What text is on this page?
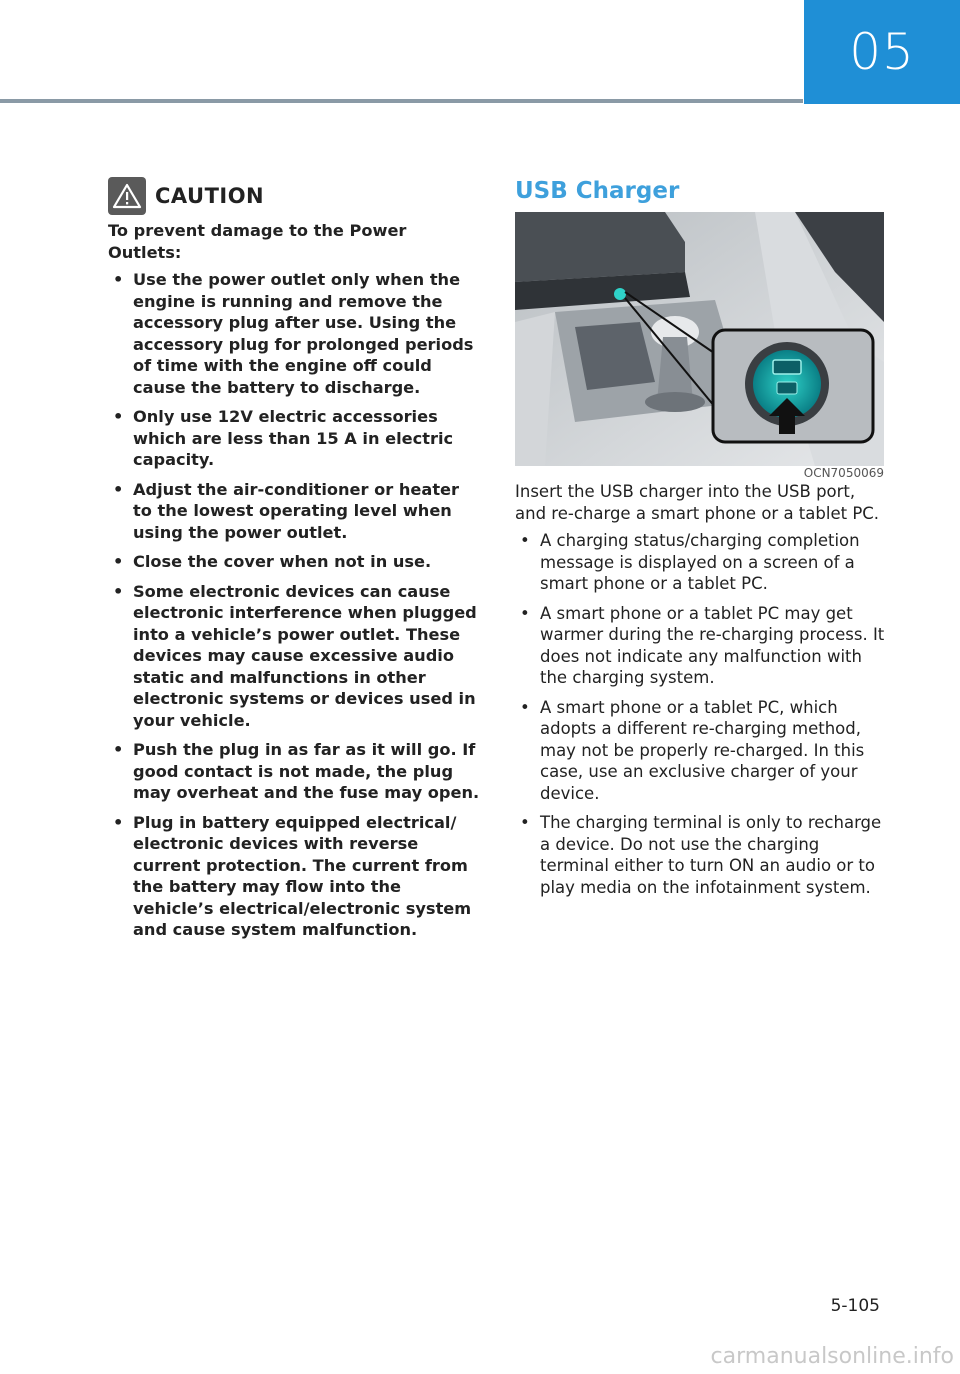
05
CAUTION

To prevent damage to the Power Outlets:

• Use the power outlet only when the engine is running and remove the accessory plug after use. Using the accessory plug for prolonged periods of time with the engine off could cause the battery to discharge.
• Only use 12V electric accessories which are less than 15 A in electric capacity.
• Adjust the air-conditioner or heater to the lowest operating level when using the power outlet.
• Close the cover when not in use.
• Some electronic devices can cause electronic interference when plugged into a vehicle’s power outlet. These devices may cause excessive audio static and malfunctions in other electronic systems or devices used in your vehicle.
• Push the plug in as far as it will go. If good contact is not made, the plug may overheat and the fuse may open.
• Plug in battery equipped electrical/ electronic devices with reverse current protection. The current from the battery may flow into the vehicle’s electrical/electronic system and cause system malfunction.
USB Charger
OCN7050069

Insert the USB charger into the USB port, and re-charge a smart phone or a tablet PC.

• A charging status/charging completion message is displayed on a screen of a smart phone or a tablet PC.
• A smart phone or a tablet PC may get warmer during the re-charging process. It does not indicate any malfunction with the charging system.
• A smart phone or a tablet PC, which adopts a different re-charging method, may not be properly re-charged. In this case, use an exclusive charger of your device.
• The charging terminal is only to recharge a device. Do not use the charging terminal either to turn ON an audio or to play media on the infotainment system.
5-105
carmanualsonline.info
